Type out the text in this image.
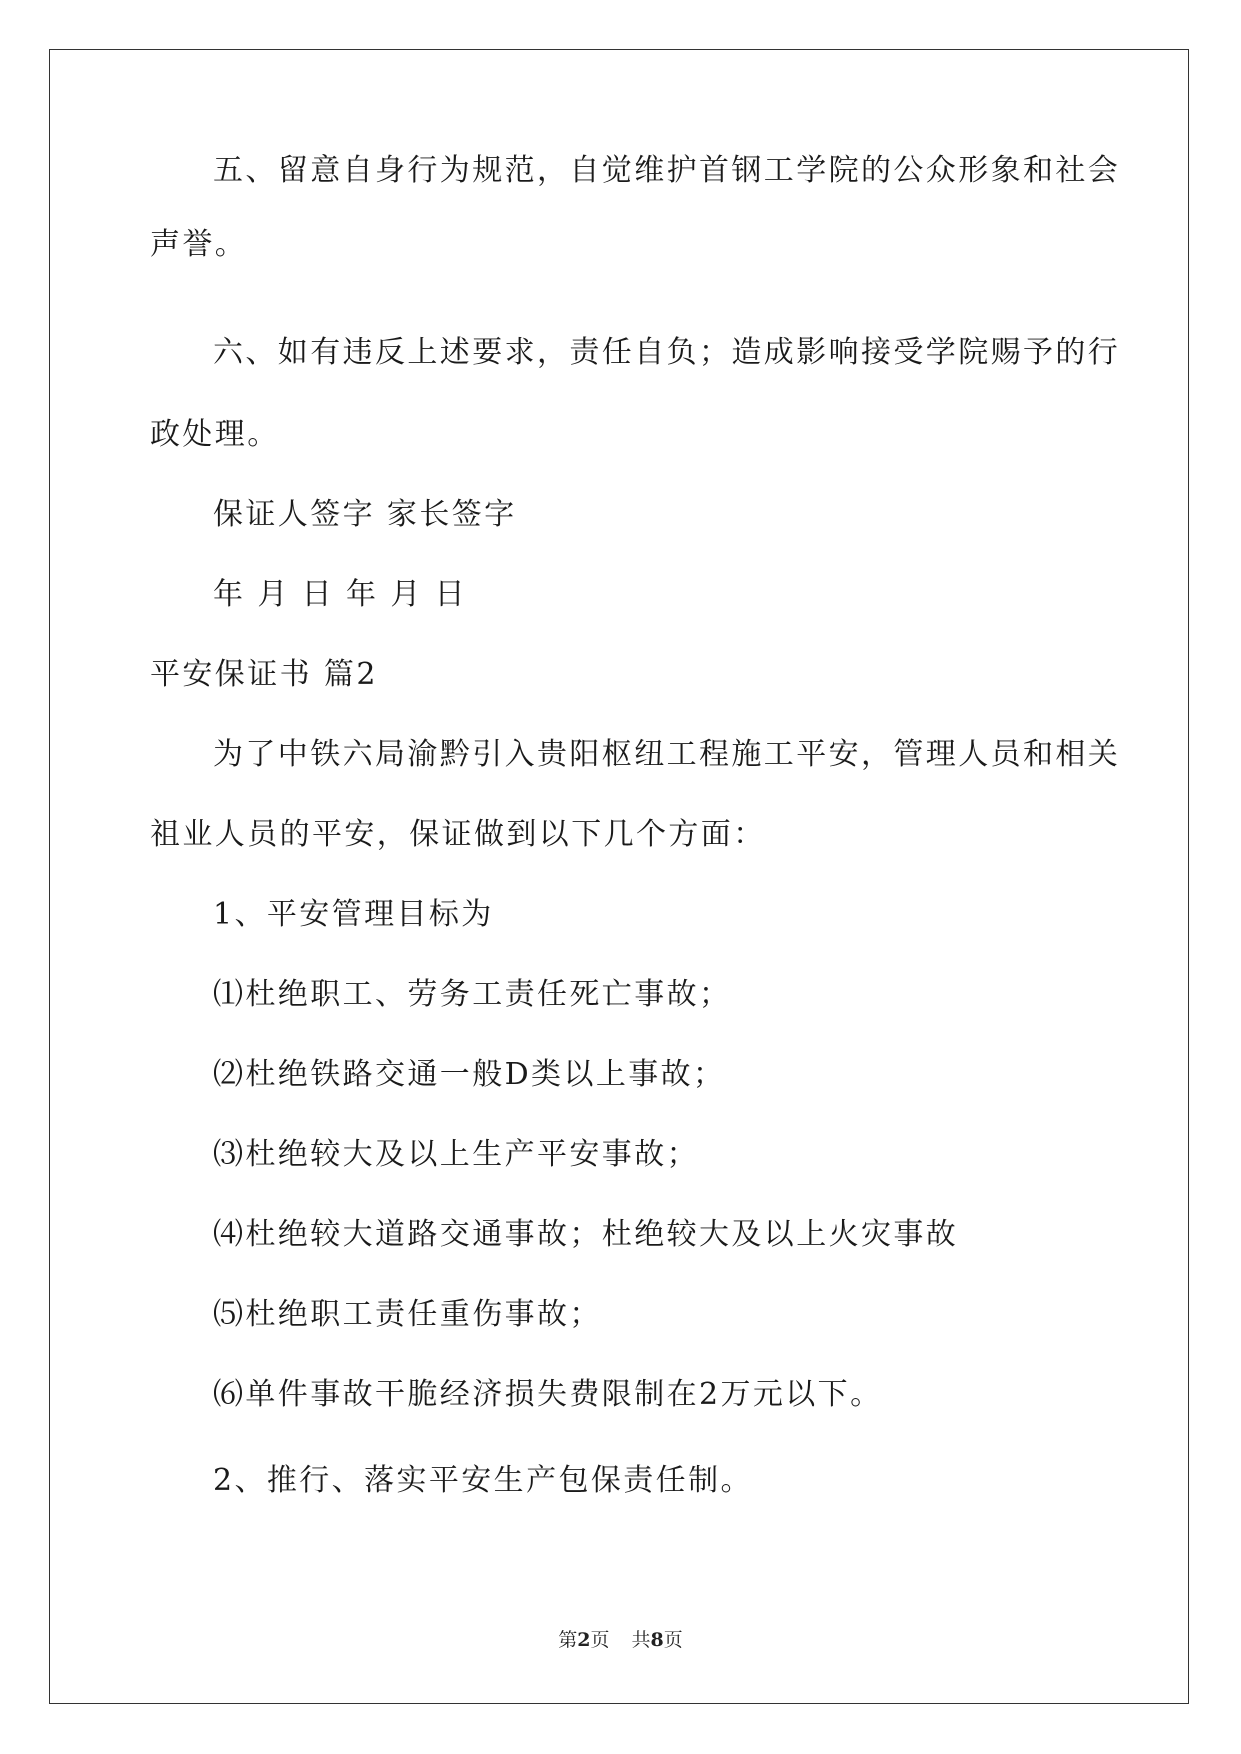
五、留意自身行为规范，自觉维护首钢工学院的公众形象和社会
声誉。
六、如有违反上述要求，责任自负；造成影响接受学院赐予的行
政处理。
保证人签字 家长签字
年 月 日 年 月 日
平安保证书 篇2
为了中铁六局渝黔引入贵阳枢纽工程施工平安，管理人员和相关
祖业人员的平安，保证做到以下几个方面：
1、平安管理目标为
⑴杜绝职工、劳务工责任死亡事故；
⑵杜绝铁路交通一般D类以上事故；
⑶杜绝较大及以上生产平安事故；
⑷杜绝较大道路交通事故；杜绝较大及以上火灾事故
⑸杜绝职工责任重伤事故；
⑹单件事故干脆经济损失费限制在2万元以下。
2、推行、落实平安生产包保责任制。
第2页 共8页
